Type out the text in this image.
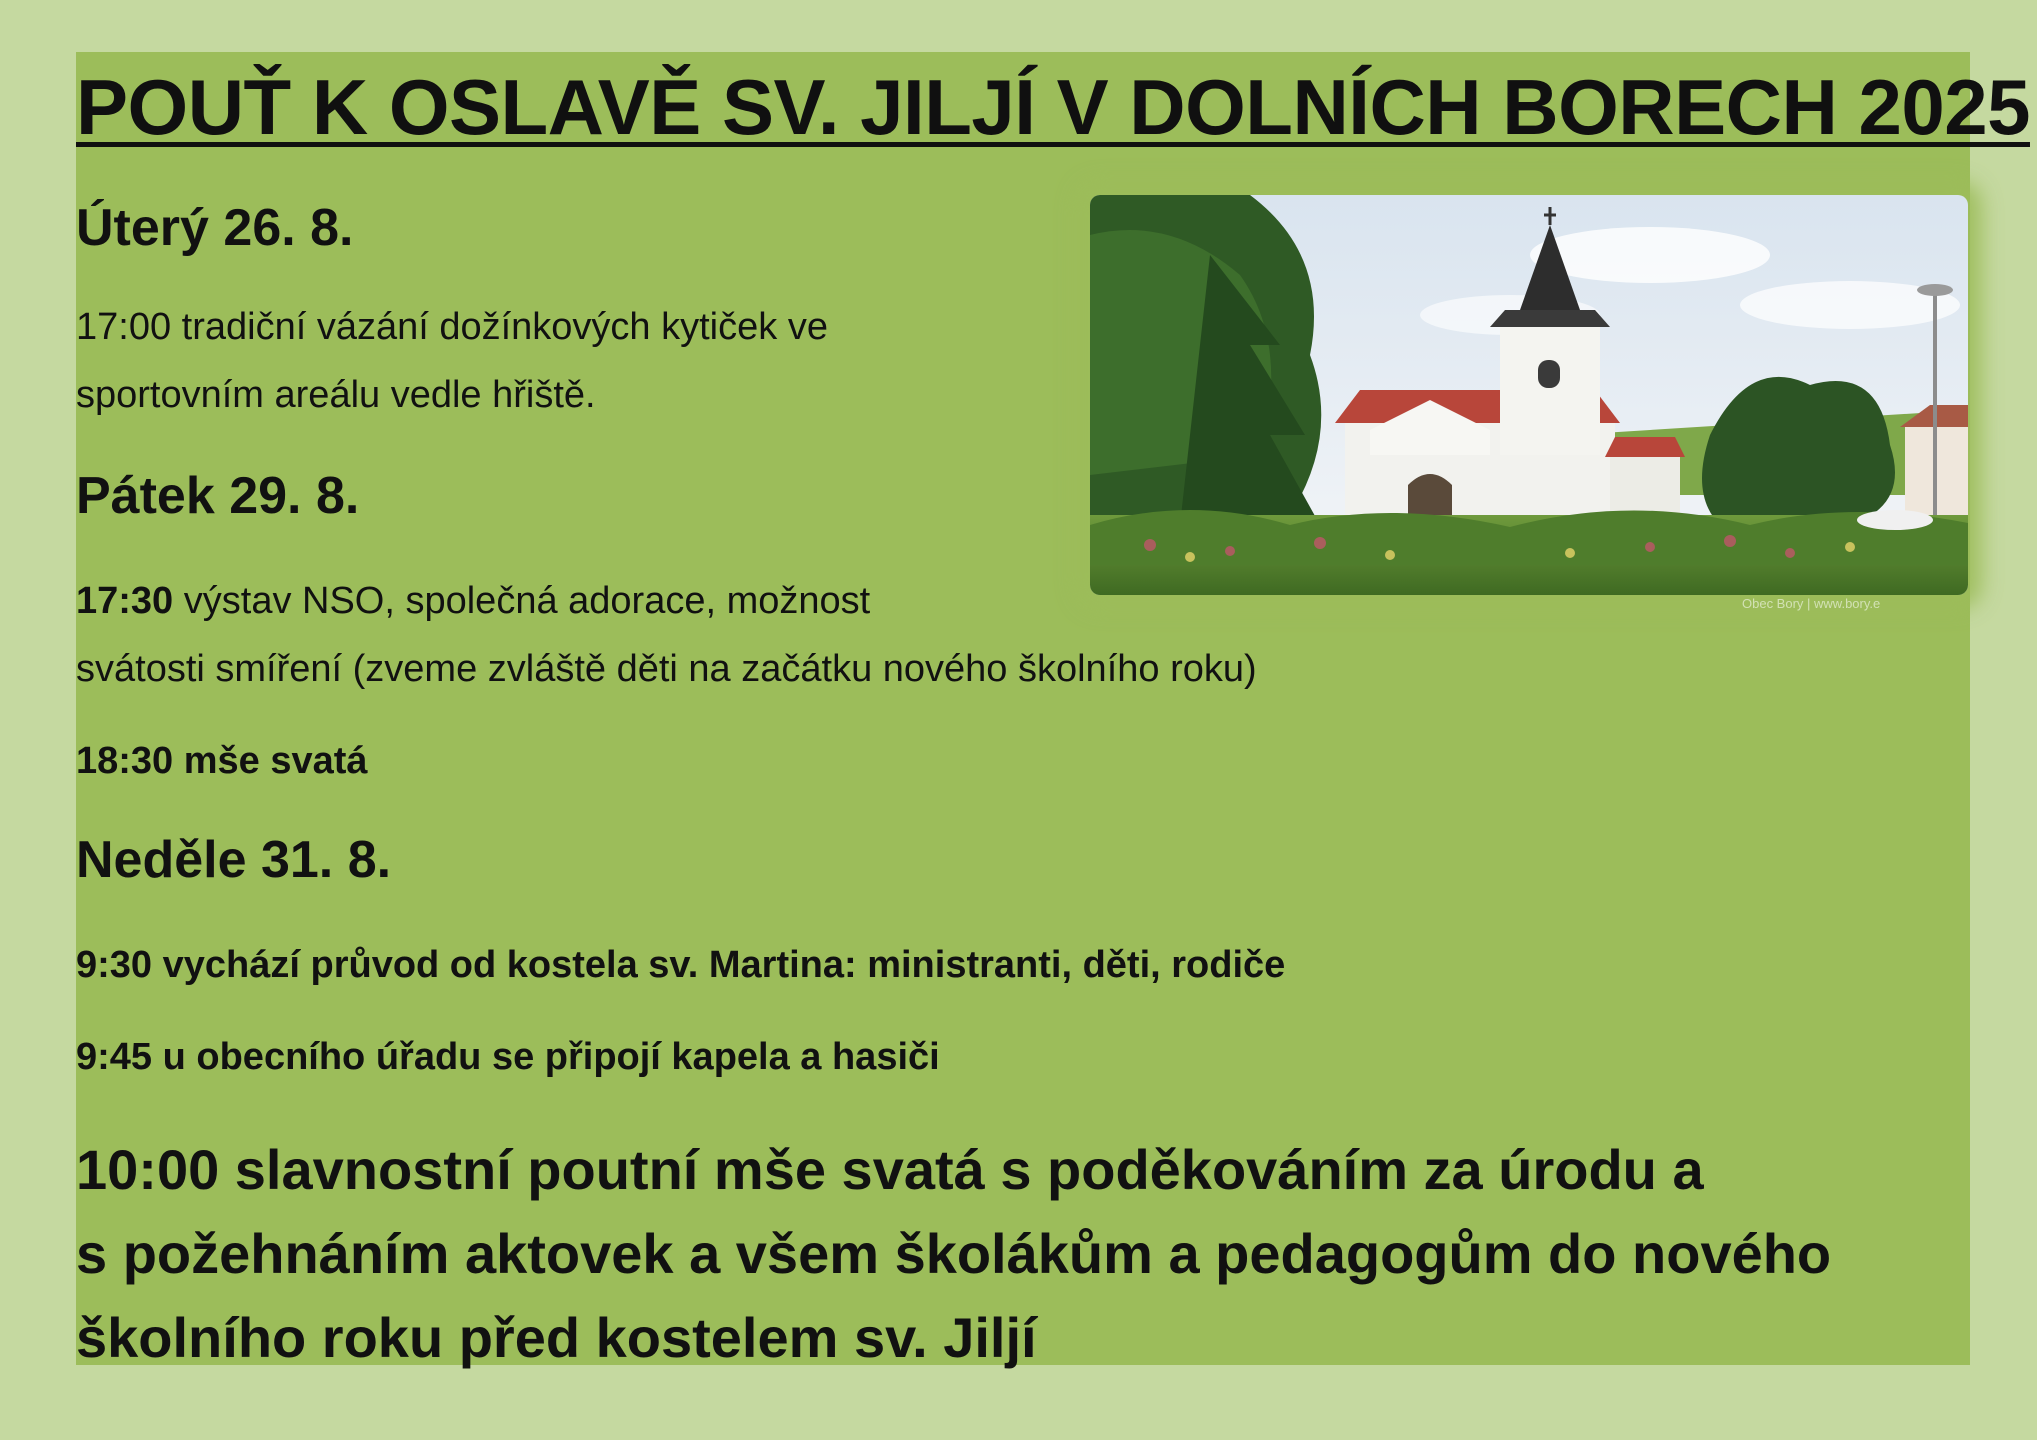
POUŤ K OSLAVĚ SV. JILJÍ V DOLNÍCH BORECH 2025

Úterý 26. 8.

17:00 tradiční vázání dožínkových kytiček ve

sportovním areálu vedle hřiště.

Pátek 29. 8.

17:30 výstav NSO, společná adorace, možnost

svátosti smíření (zveme zvláště děti na začátku nového školního roku)

18:30 mše svatá

Neděle 31. 8.

9:30 vychází průvod od kostela sv. Martina: ministranti, děti, rodiče

9:45 u obecního úřadu se připojí kapela a hasiči

10:00 slavnostní poutní mše svatá s poděkováním za úrodu a
s požehnáním aktovek a všem školákům a pedagogům do nového
školního roku před kostelem sv. Jiljí

Obec Bory | www.bory.e
